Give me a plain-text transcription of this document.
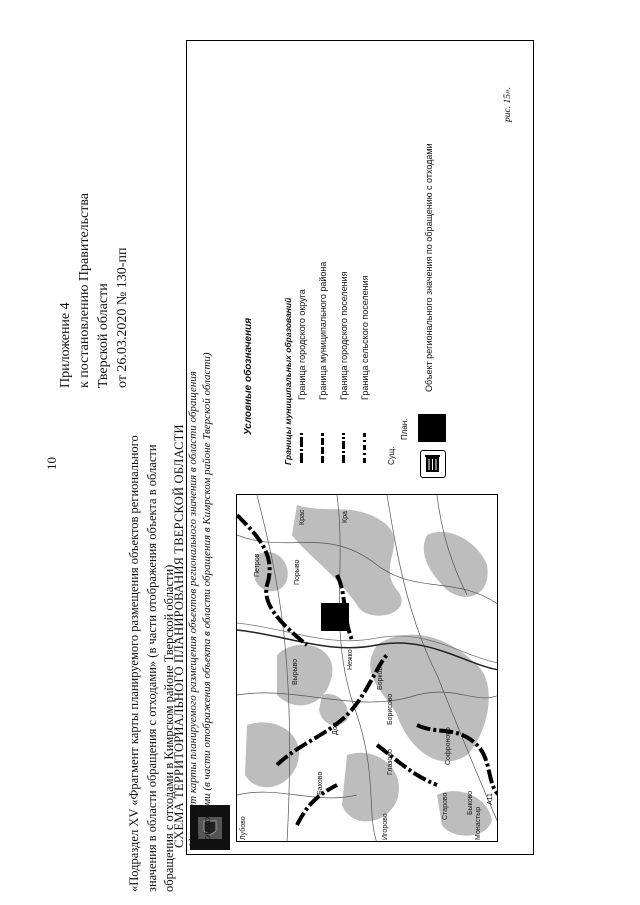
10
Приложение 4 к постановлению Правительства Тверской области от 26.03.2020 № 130-пп
«Подраздел XV «Фрагмент карты планируемого размещения объектов регионального значения в области обращения с отходами» (в части отображения объекта в области обращения с отходами в Кимрском районе Тверской области)
СХЕМА ТЕРРИТОРИАЛЬНОГО ПЛАНИРОВАНИЯ ТВЕРСКОЙ ОБЛАСТИ (фрагмент карты планируемого размещения объектов регионального значения в области обращения с отходами (в части отображения объекта в области обращения в Кимрском районе Тверской области)	Петров	Порыво
Крас	Кра
Вырыво	Нежко
Борково
Борисово
Дор
Бахово
Глазово
Старово
Софроново
Быково
Лубово	Игорово	Монастыр
А11
Условные обозначения	Границы муниципальных образований Граница городского округа Граница муниципального района Граница городского поселения Граница сельского поселения
Сущ.
План.
Объект регионального значения по обращению с отходами
рис. 15».
